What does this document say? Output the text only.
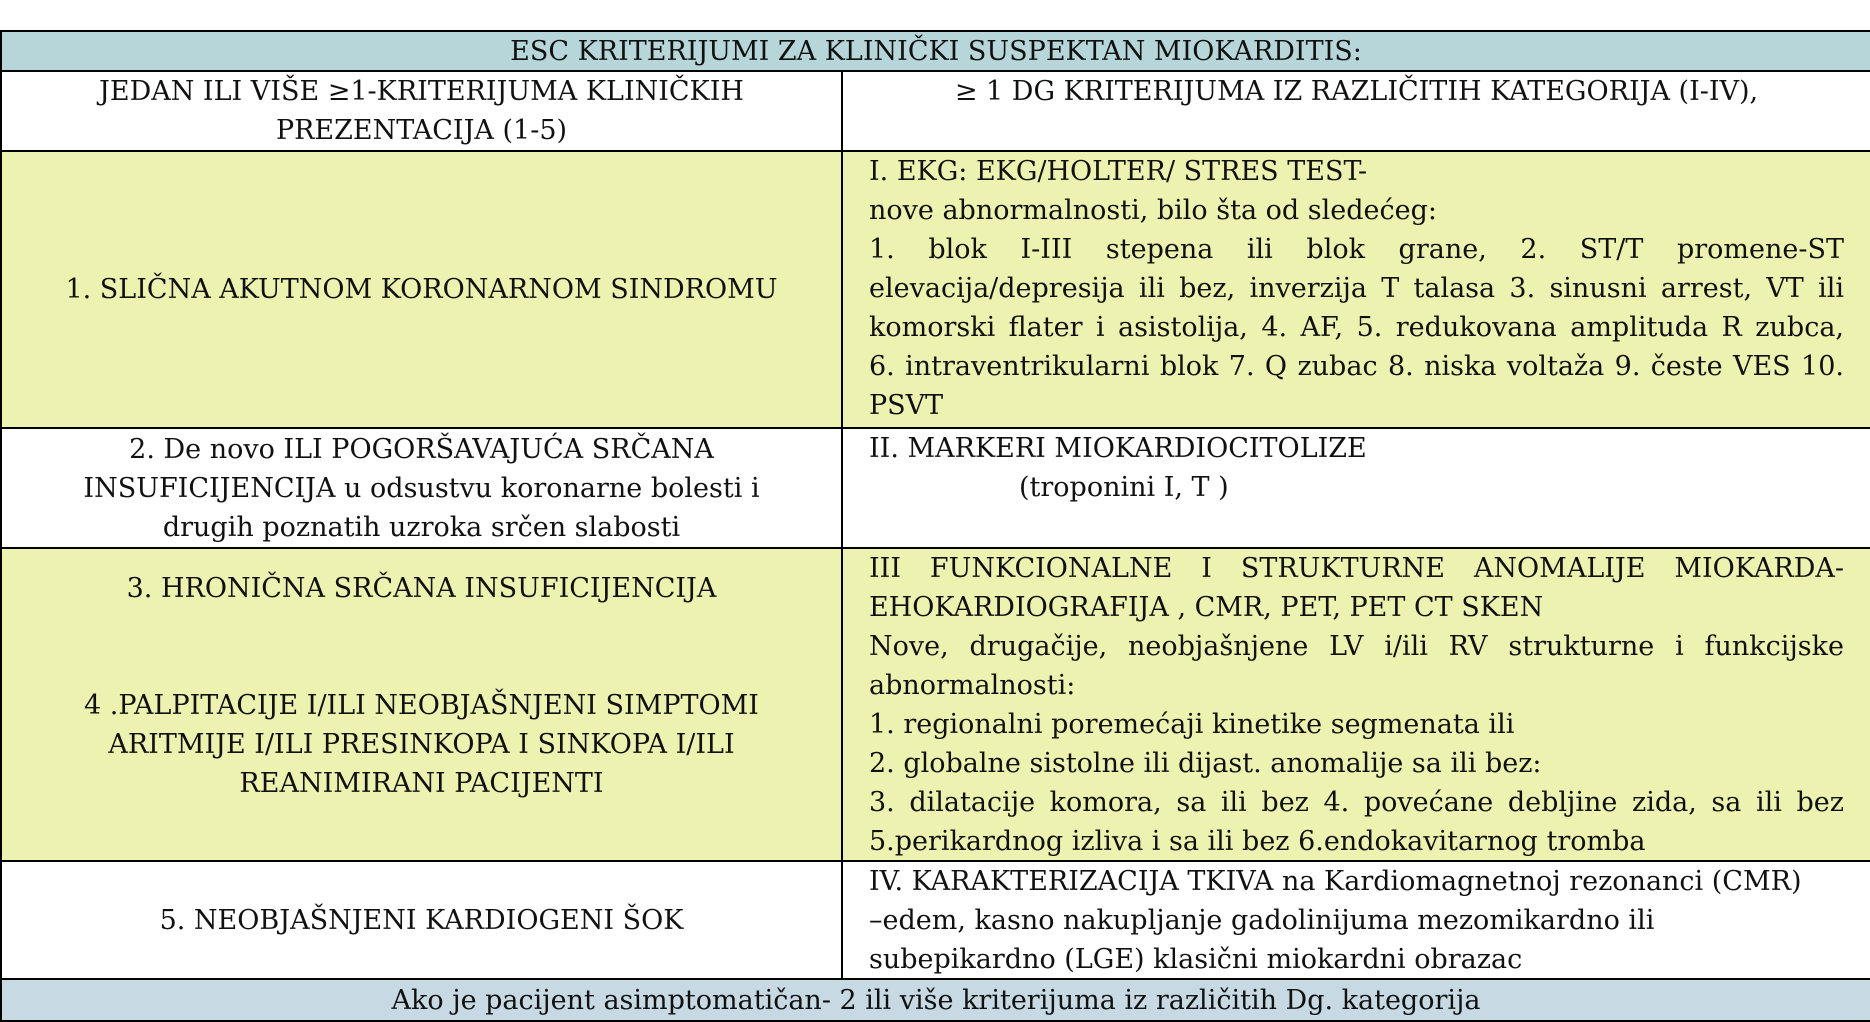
ESC KRITERIJUMI ZA KLINIČKI SUSPEKTAN MIOKARDITIS:
JEDAN ILI VIŠE ≥1-KRITERIJUMA KLINIČKIH
PREZENTACIJA (1-5)
≥ 1 DG KRITERIJUMA IZ RAZLIČITIH KATEGORIJA (I-IV),
1. SLIČNA AKUTNOM KORONARNOM SINDROMU
I. EKG: EKG/HOLTER/ STRES TEST-
nove abnormalnosti, bilo šta od sledećeg:
1. blok I-III stepena ili blok grane, 2. ST/T promene-ST
elevacija/depresija ili bez, inverzija T talasa 3. sinusni arrest, VT ili
komorski flater i asistolija, 4. AF, 5. redukovana amplituda R zubca,
6. intraventrikularni blok 7. Q zubac 8. niska voltaža 9. česte VES 10.
PSVT
2. De novo ILI POGORŠAVAJUĆA SRČANA
INSUFICIJENCIJA u odsustvu koronarne bolesti i
drugih poznatih uzroka srčen slabosti
II. MARKERI MIOKARDIOCITOLIZE
(troponini I, T )
3. HRONIČNA SRČANA INSUFICIJENCIJA
4 .PALPITACIJE I/ILI NEOBJAŠNJENI SIMPTOMI
ARITMIJE I/ILI PRESINKOPA I SINKOPA I/ILI
REANIMIRANI PACIJENTI
III FUNKCIONALNE I STRUKTURNE ANOMALIJE MIOKARDA-
EHOKARDIOGRAFIJA , CMR, PET, PET CT SKEN
Nove, drugačije, neobjašnjene LV i/ili RV strukturne i funkcijske
abnormalnosti:
1. regionalni poremećaji kinetike segmenata ili
2. globalne sistolne ili dijast. anomalije sa ili bez:
3. dilatacije komora, sa ili bez 4. povećane debljine zida, sa ili bez
5.perikardnog izliva i sa ili bez 6.endokavitarnog tromba
5. NEOBJAŠNJENI KARDIOGENI ŠOK
IV. KARAKTERIZACIJA TKIVA na Kardiomagnetnoj rezonanci (CMR)
–edem, kasno nakupljanje gadolinijuma mezomikardno ili
subepikardno (LGE) klasični miokardni obrazac
Ako je pacijent asimptomatičan- 2 ili više kriterijuma iz različitih Dg. kategorija
